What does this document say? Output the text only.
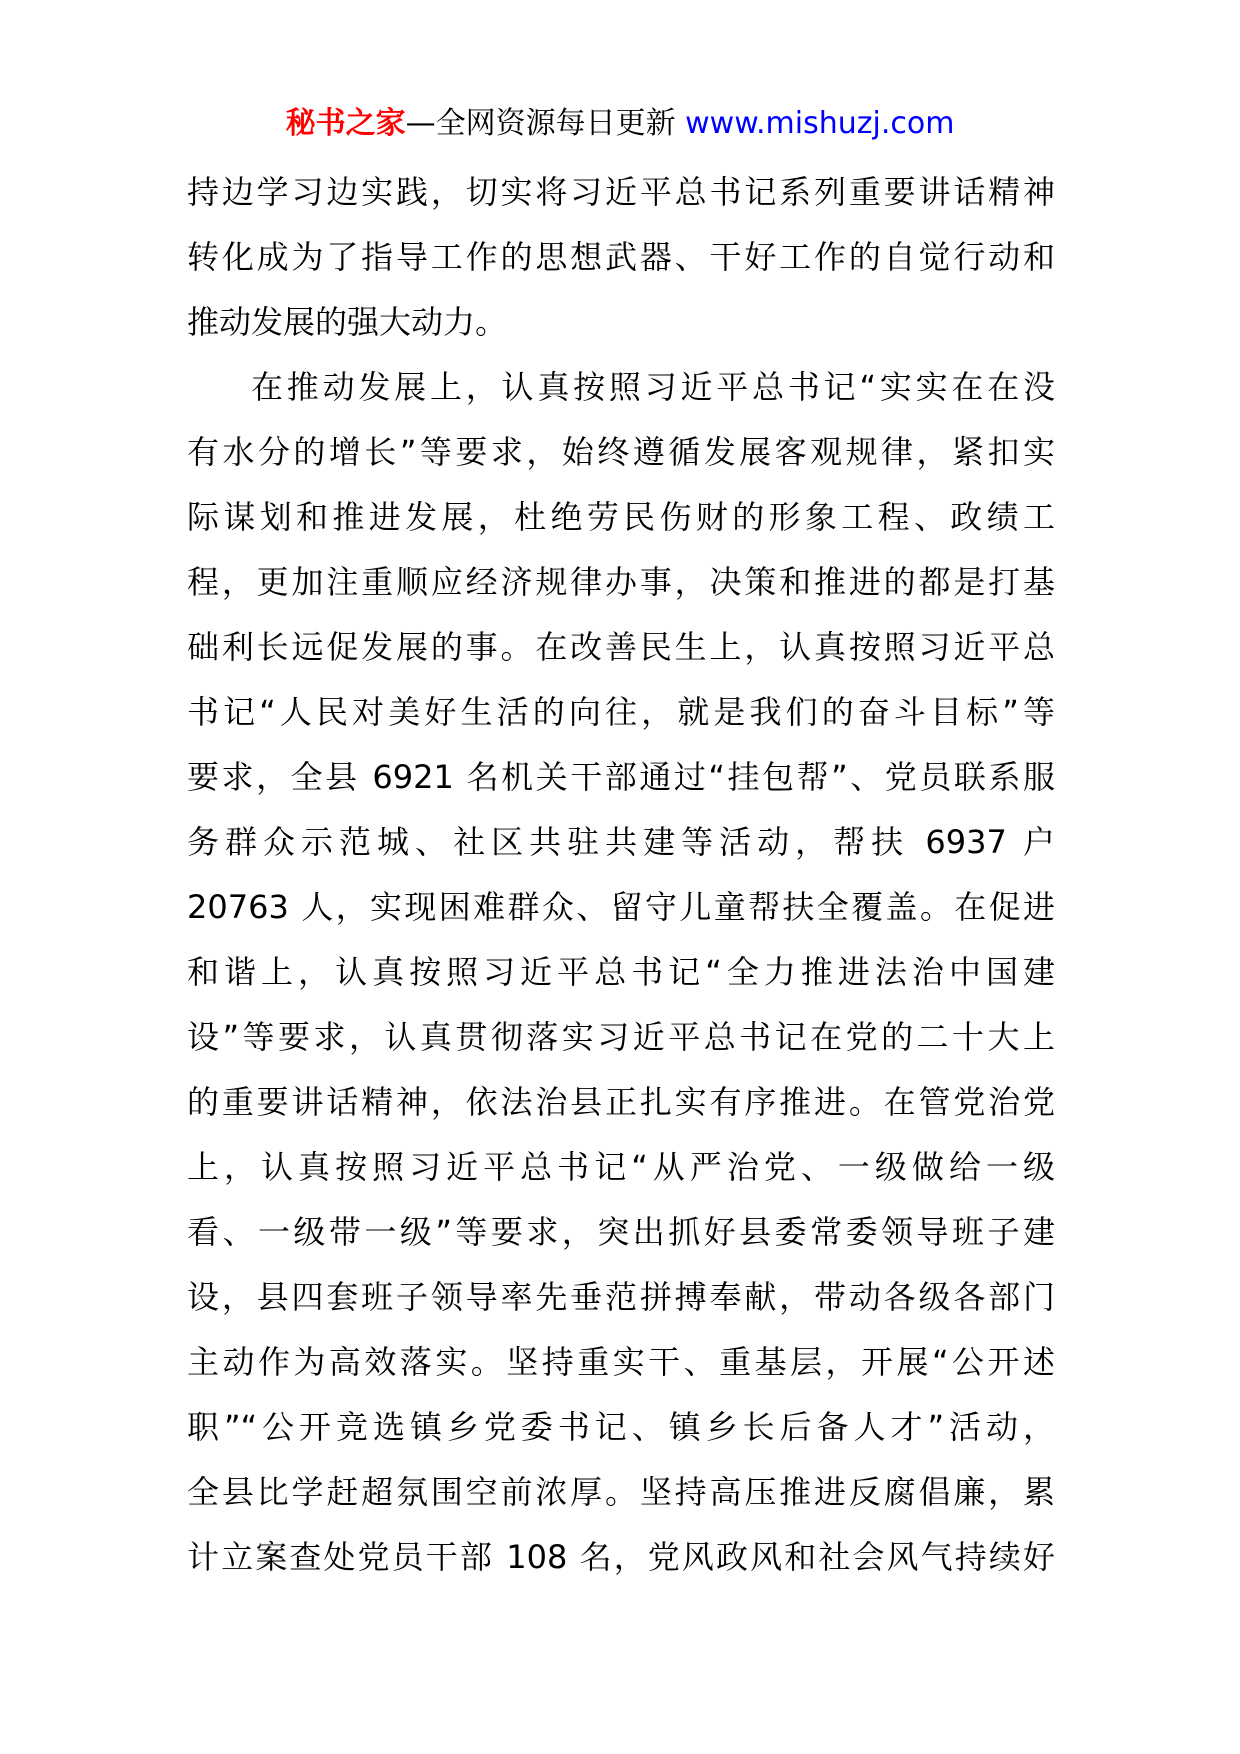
秘书之家—全网资源每日更新 www.mishuzj.com
持边学习边实践，切实将习近平总书记系列重要讲话精神
转化成为了指导工作的思想武器、干好工作的自觉行动和
推动发展的强大动力。
在推动发展上，认真按照习近平总书记“实实在在没
有水分的增长”等要求，始终遵循发展客观规律，紧扣实
际谋划和推进发展，杜绝劳民伤财的形象工程、政绩工
程，更加注重顺应经济规律办事，决策和推进的都是打基
础利长远促发展的事。在改善民生上，认真按照习近平总
书记“人民对美好生活的向往，就是我们的奋斗目标”等
要求，全县 6921 名机关干部通过“挂包帮”、党员联系服
务群众示范城、社区共驻共建等活动，帮扶 6937 户
20763 人，实现困难群众、留守儿童帮扶全覆盖。在促进
和谐上，认真按照习近平总书记“全力推进法治中国建
设”等要求，认真贯彻落实习近平总书记在党的二十大上
的重要讲话精神，依法治县正扎实有序推进。在管党治党
上，认真按照习近平总书记“从严治党、一级做给一级
看、一级带一级”等要求，突出抓好县委常委领导班子建
设，县四套班子领导率先垂范拼搏奉献，带动各级各部门
主动作为高效落实。坚持重实干、重基层，开展“公开述
职”“公开竞选镇乡党委书记、镇乡长后备人才”活动，
全县比学赶超氛围空前浓厚。坚持高压推进反腐倡廉，累
计立案查处党员干部 108 名，党风政风和社会风气持续好
